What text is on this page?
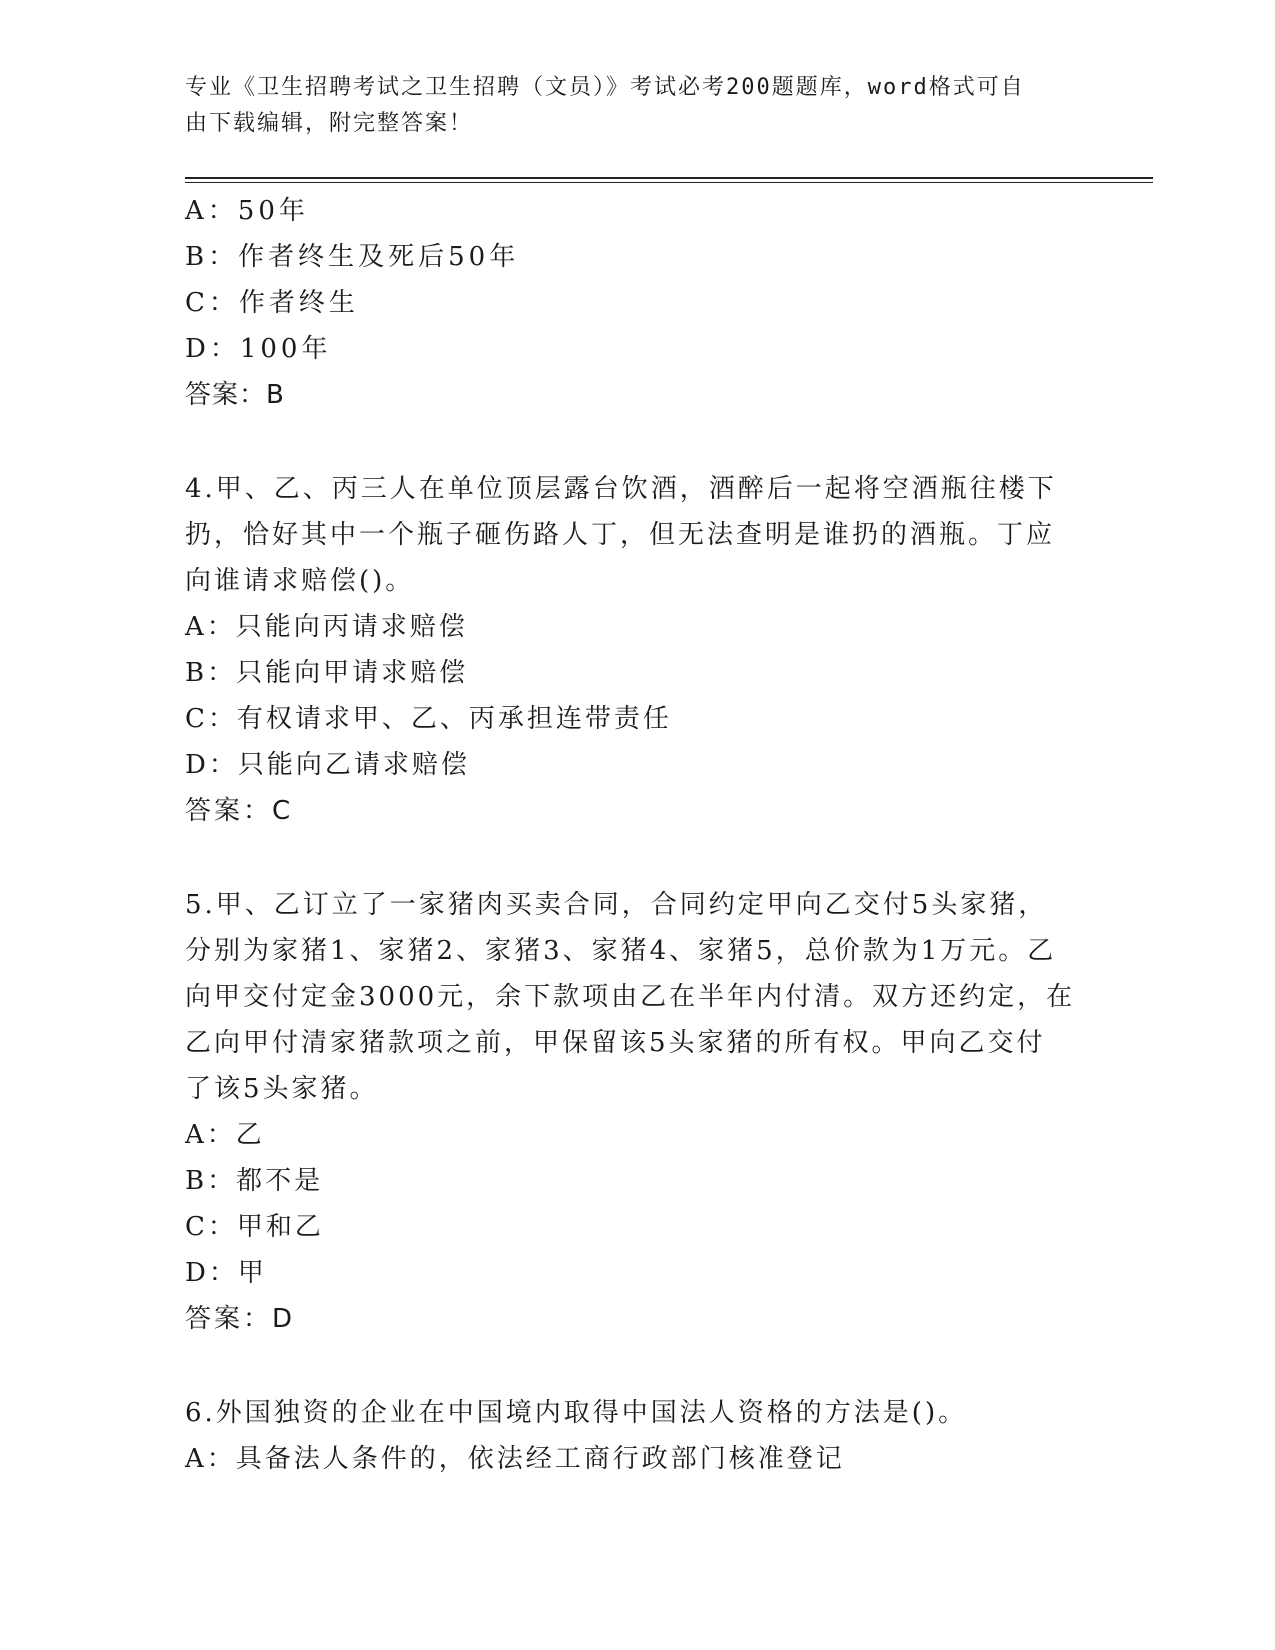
专业《卫生招聘考试之卫生招聘（文员）》考试必考200题题库，word格式可自
由下载编辑，附完整答案！
A：50年
B：作者终生及死后50年
C：作者终生
D：100年
答案：B
4.甲、乙、丙三人在单位顶层露台饮酒，酒醉后一起将空酒瓶往楼下
扔，恰好其中一个瓶子砸伤路人丁，但无法查明是谁扔的酒瓶。丁应
向谁请求赔偿()。
A：只能向丙请求赔偿
B：只能向甲请求赔偿
C：有权请求甲、乙、丙承担连带责任
D：只能向乙请求赔偿
答案：C
5.甲、乙订立了一家猪肉买卖合同，合同约定甲向乙交付5头家猪，
分别为家猪1、家猪2、家猪3、家猪4、家猪5，总价款为1万元。乙
向甲交付定金3000元，余下款项由乙在半年内付清。双方还约定，在
乙向甲付清家猪款项之前，甲保留该5头家猪的所有权。甲向乙交付
了该5头家猪。
A：乙
B：都不是
C：甲和乙
D：甲
答案：D
6.外国独资的企业在中国境内取得中国法人资格的方法是()。
A：具备法人条件的，依法经工商行政部门核准登记
